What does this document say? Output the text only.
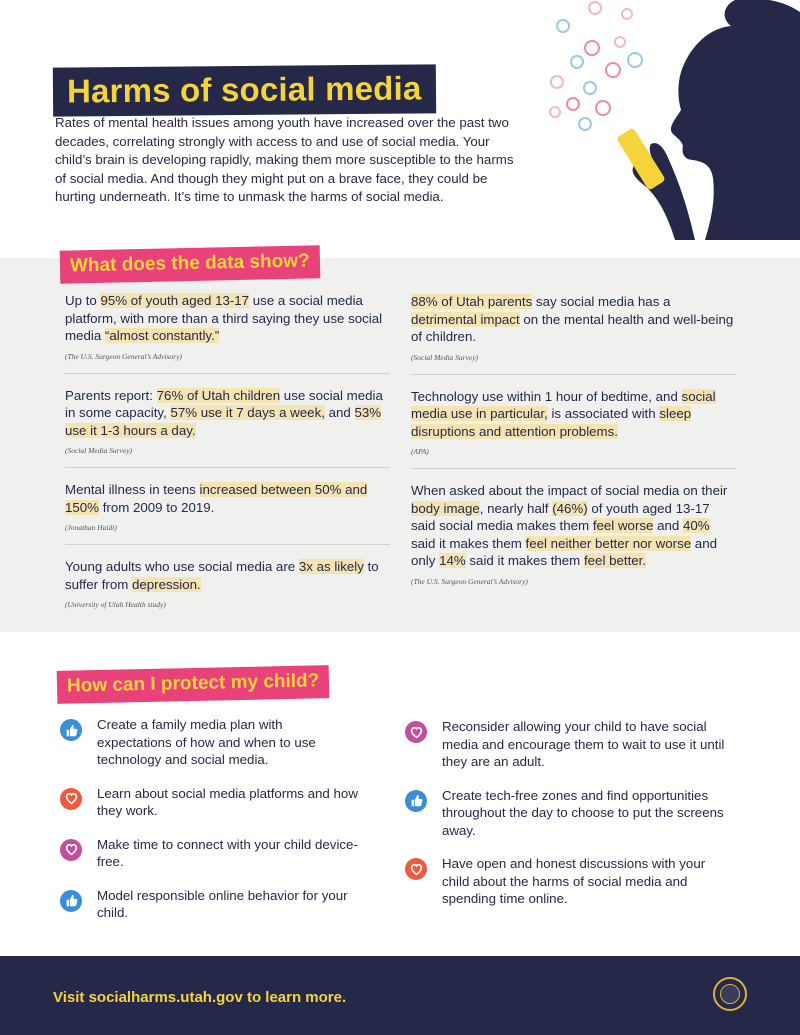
Harms of social media

Rates of mental health issues among youth have increased over the past two decades, correlating strongly with access to and use of social media. Your child’s brain is developing rapidly, making them more susceptible to the harms of social media. And though they might put on a brave face, they could be hurting underneath. It’s time to unmask the harms of social media.

What does the data show?
Up to 95% of youth aged 13-17 use a social media platform, with more than a third saying they use social media “almost constantly.”
(The U.S. Surgeon General’s Advisory)
Parents report: 76% of Utah children use social media in some capacity, 57% use it 7 days a week, and 53% use it 1-3 hours a day.
(Social Media Survey)
Mental illness in teens increased between 50% and 150% from 2009 to 2019.
(Jonathan Haidt)
Young adults who use social media are 3x as likely to suffer from depression.
(University of Utah Health study)
88% of Utah parents say social media has a detrimental impact on the mental health and well-being of children.
(Social Media Survey)
Technology use within 1 hour of bedtime, and social media use in particular, is associated with sleep disruptions and attention problems.
(APA)
When asked about the impact of social media on their body image, nearly half (46%) of youth aged 13-17 said social media makes them feel worse and 40% said it makes them feel neither better nor worse and only 14% said it makes them feel better.
(The U.S. Surgeon General’s Advisory)
How can I protect my child?
Create a family media plan with expectations of how and when to use technology and social media.
Learn about social media platforms and how they work.
Make time to connect with your child device-free.
Model responsible online behavior for your child.
Reconsider allowing your child to have social media and encourage them to wait to use it until they are an adult.
Create tech-free zones and find opportunities throughout the day to choose to put the screens away.
Have open and honest discussions with your child about the harms of social media and spending time online.
Visit socialharms.utah.gov to learn more.
